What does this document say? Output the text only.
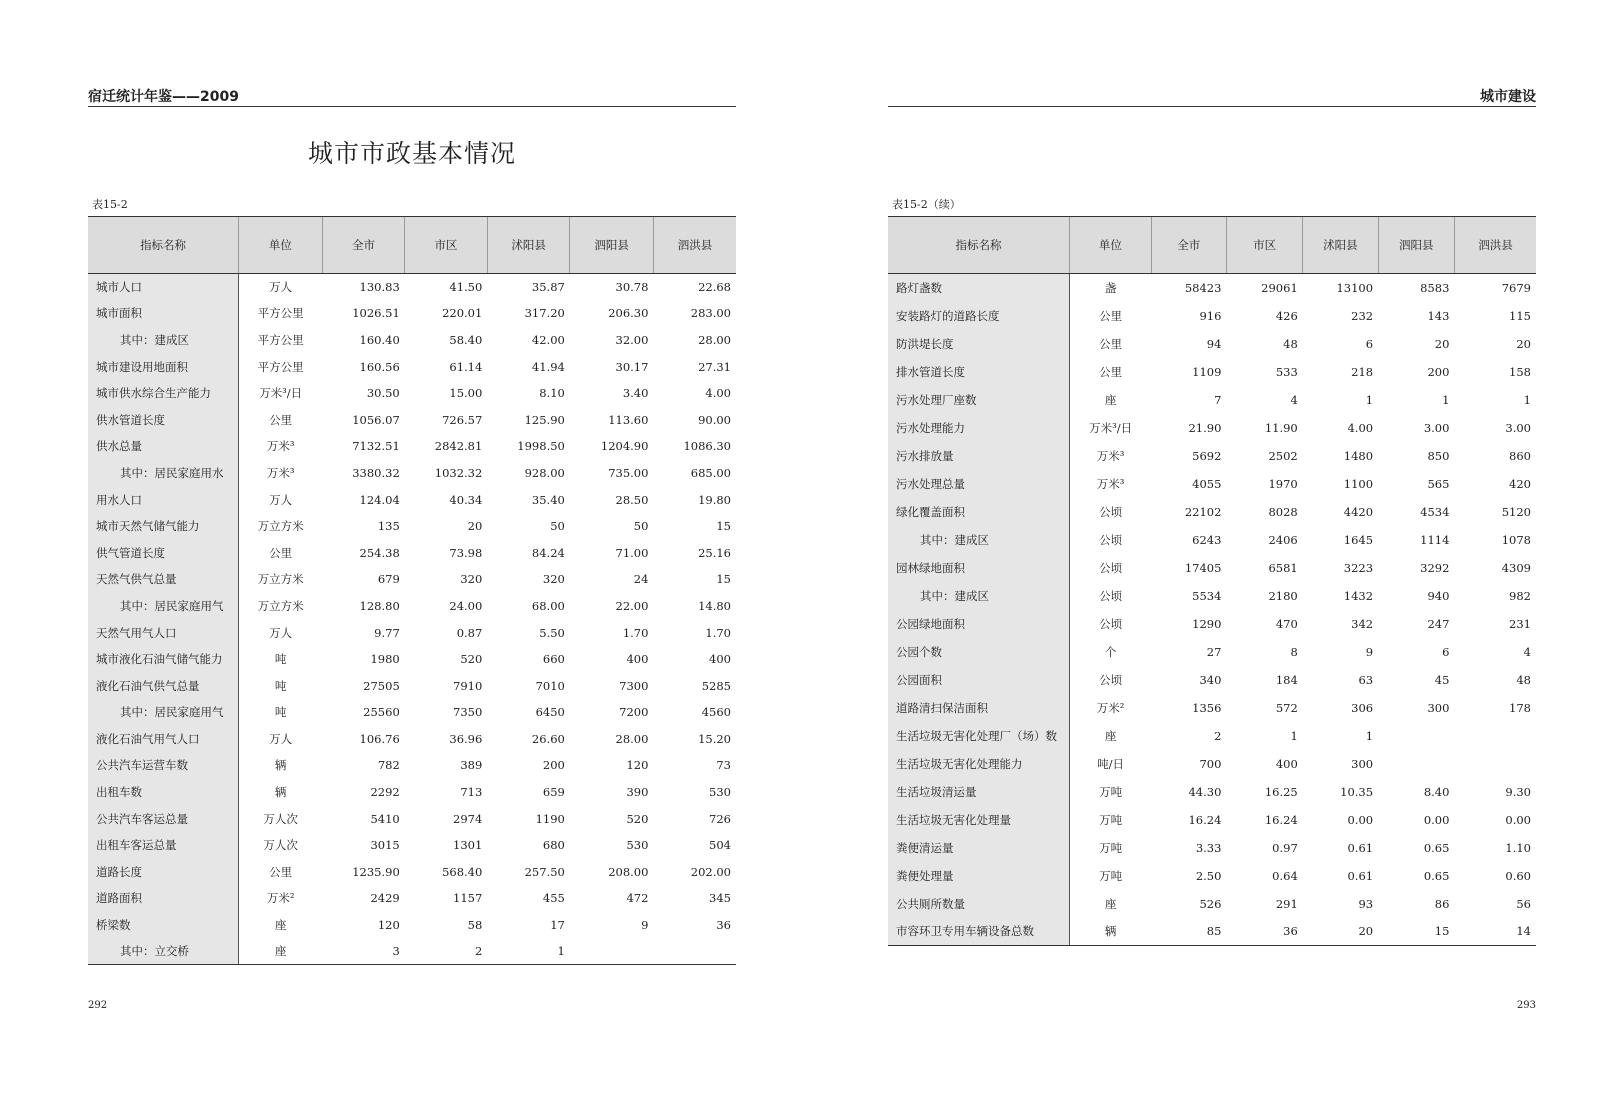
宿迁统计年鉴——2009
城市市政基本情况
表15-2
指标名称	单位	全市	市区	沭阳县	泗阳县	泗洪县
城市人口	万人	130.83	41.50	35.87	30.78	22.68
城市面积	平方公里	1026.51	220.01	317.20	206.30	283.00
其中：建成区	平方公里	160.40	58.40	42.00	32.00	28.00
城市建设用地面积	平方公里	160.56	61.14	41.94	30.17	27.31
城市供水综合生产能力	万米³/日	30.50	15.00	8.10	3.40	4.00
供水管道长度	公里	1056.07	726.57	125.90	113.60	90.00
供水总量	万米³	7132.51	2842.81	1998.50	1204.90	1086.30
其中：居民家庭用水	万米³	3380.32	1032.32	928.00	735.00	685.00
用水人口	万人	124.04	40.34	35.40	28.50	19.80
城市天然气储气能力	万立方米	135	20	50	50	15
供气管道长度	公里	254.38	73.98	84.24	71.00	25.16
天然气供气总量	万立方米	679	320	320	24	15
其中：居民家庭用气	万立方米	128.80	24.00	68.00	22.00	14.80
天然气用气人口	万人	9.77	0.87	5.50	1.70	1.70
城市液化石油气储气能力	吨	1980	520	660	400	400
液化石油气供气总量	吨	27505	7910	7010	7300	5285
其中：居民家庭用气	吨	25560	7350	6450	7200	4560
液化石油气用气人口	万人	106.76	36.96	26.60	28.00	15.20
公共汽车运营车数	辆	782	389	200	120	73
出租车数	辆	2292	713	659	390	530
公共汽车客运总量	万人次	5410	2974	1190	520	726
出租车客运总量	万人次	3015	1301	680	530	504
道路长度	公里	1235.90	568.40	257.50	208.00	202.00
道路面积	万米²	2429	1157	455	472	345
桥梁数	座	120	58	17	9	36
其中：立交桥	座	3	2	1		
292
城市建设
表15-2（续）
指标名称	单位	全市	市区	沭阳县	泗阳县	泗洪县
路灯盏数	盏	58423	29061	13100	8583	7679
安装路灯的道路长度	公里	916	426	232	143	115
防洪堤长度	公里	94	48	6	20	20
排水管道长度	公里	1109	533	218	200	158
污水处理厂座数	座	7	4	1	1	1
污水处理能力	万米³/日	21.90	11.90	4.00	3.00	3.00
污水排放量	万米³	5692	2502	1480	850	860
污水处理总量	万米³	4055	1970	1100	565	420
绿化覆盖面积	公顷	22102	8028	4420	4534	5120
其中：建成区	公顷	6243	2406	1645	1114	1078
园林绿地面积	公顷	17405	6581	3223	3292	4309
其中：建成区	公顷	5534	2180	1432	940	982
公园绿地面积	公顷	1290	470	342	247	231
公园个数	个	27	8	9	6	4
公园面积	公顷	340	184	63	45	48
道路清扫保洁面积	万米²	1356	572	306	300	178
生活垃圾无害化处理厂（场）数	座	2	1	1		
生活垃圾无害化处理能力	吨/日	700	400	300		
生活垃圾清运量	万吨	44.30	16.25	10.35	8.40	9.30
生活垃圾无害化处理量	万吨	16.24	16.24	0.00	0.00	0.00
粪便清运量	万吨	3.33	0.97	0.61	0.65	1.10
粪便处理量	万吨	2.50	0.64	0.61	0.65	0.60
公共厕所数量	座	526	291	93	86	56
市容环卫专用车辆设备总数	辆	85	36	20	15	14
293
